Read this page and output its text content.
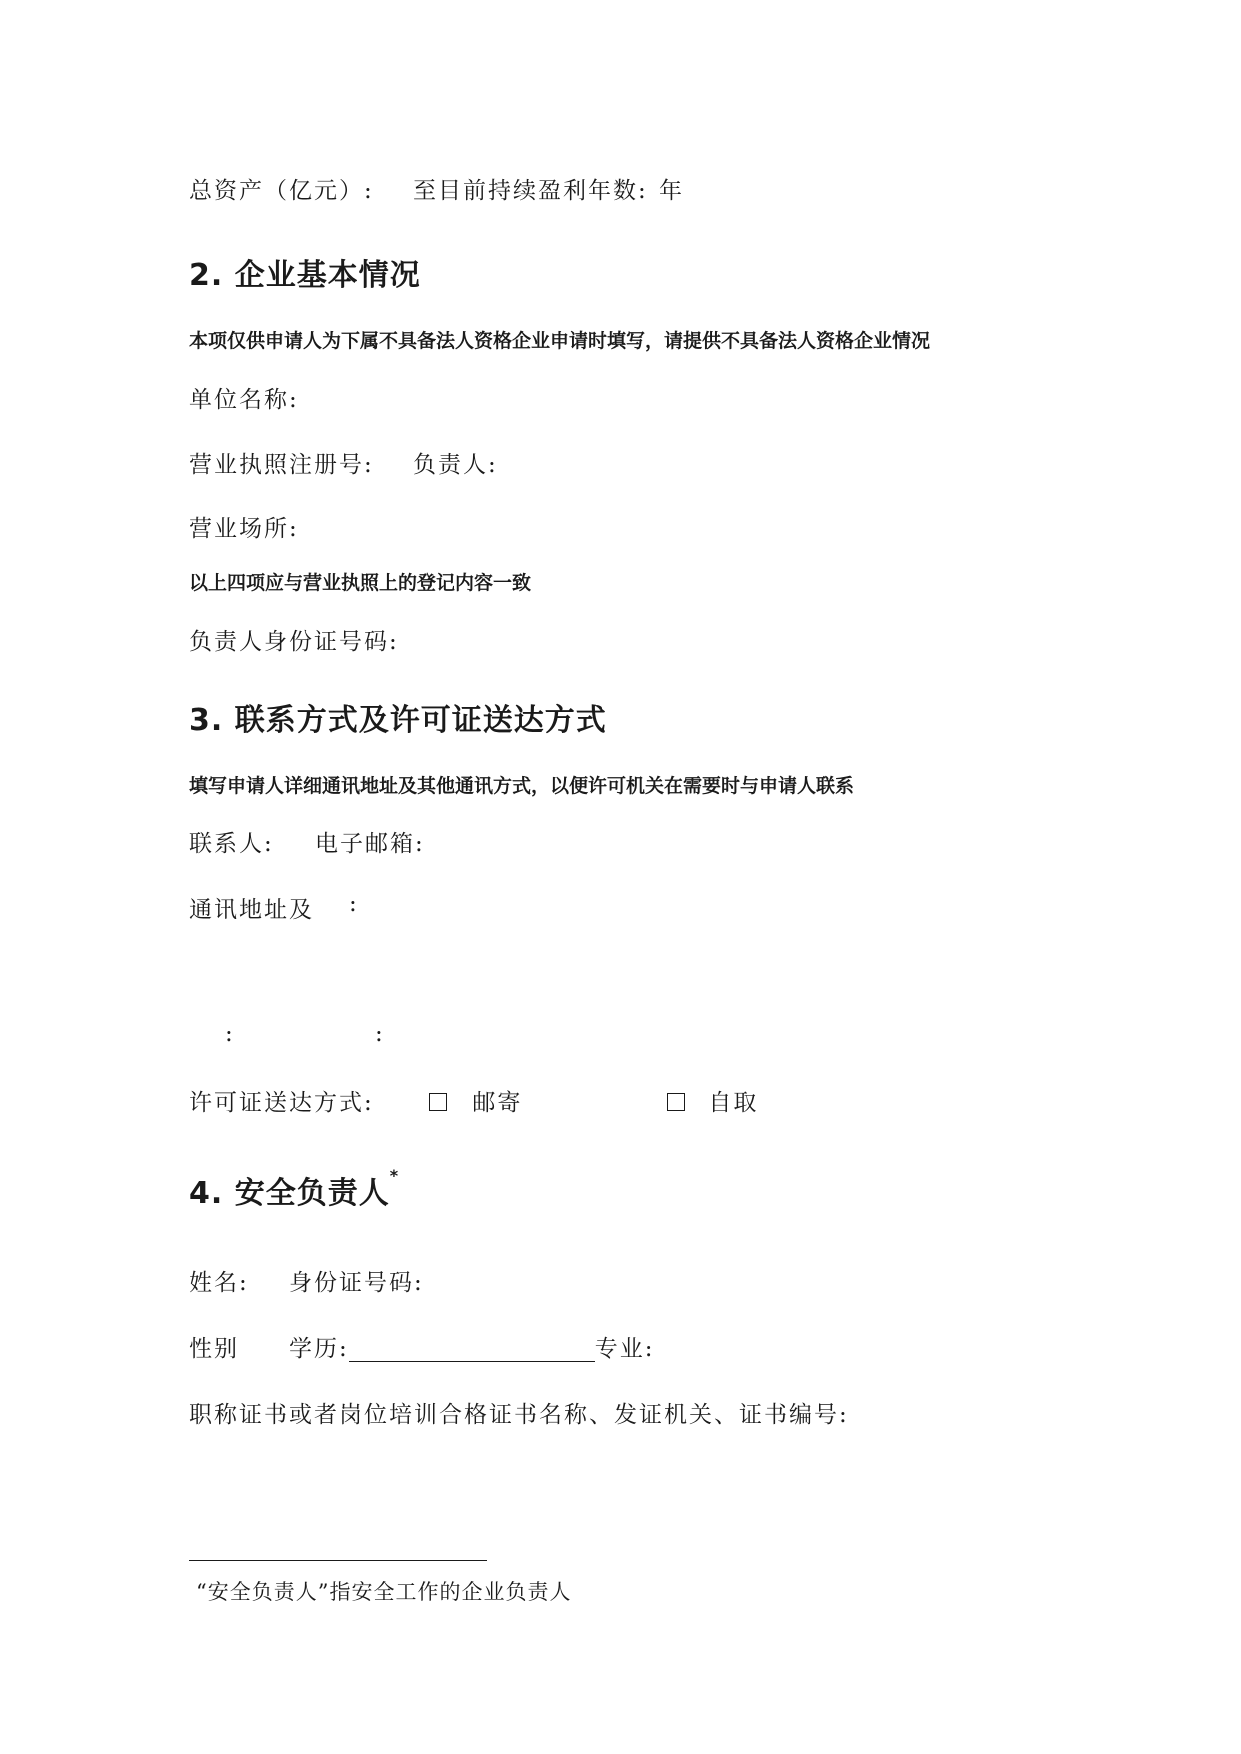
总资产（亿元）: 至目前持续盈利年数: 年
2. 企业基本情况
本项仅供申请人为下属不具备法人资格企业申请时填写，请提供不具备法人资格企业情况
单位名称:
营业执照注册号: 负责人:
营业场所:
以上四项应与营业执照上的登记内容一致
负责人身份证号码:
3. 联系方式及许可证送达方式
填写申请人详细通讯地址及其他通讯方式，以便许可机关在需要时与申请人联系
联系人: 电子邮箱:
通讯地址及 :
:	:
许可证送达方式:	邮寄	自取
4. 安全负责人*
姓名: 身份证号码:
性别 学历:	专业:
职称证书或者岗位培训合格证书名称、发证机关、证书编号:
“安全负责人”指安全工作的企业负责人
